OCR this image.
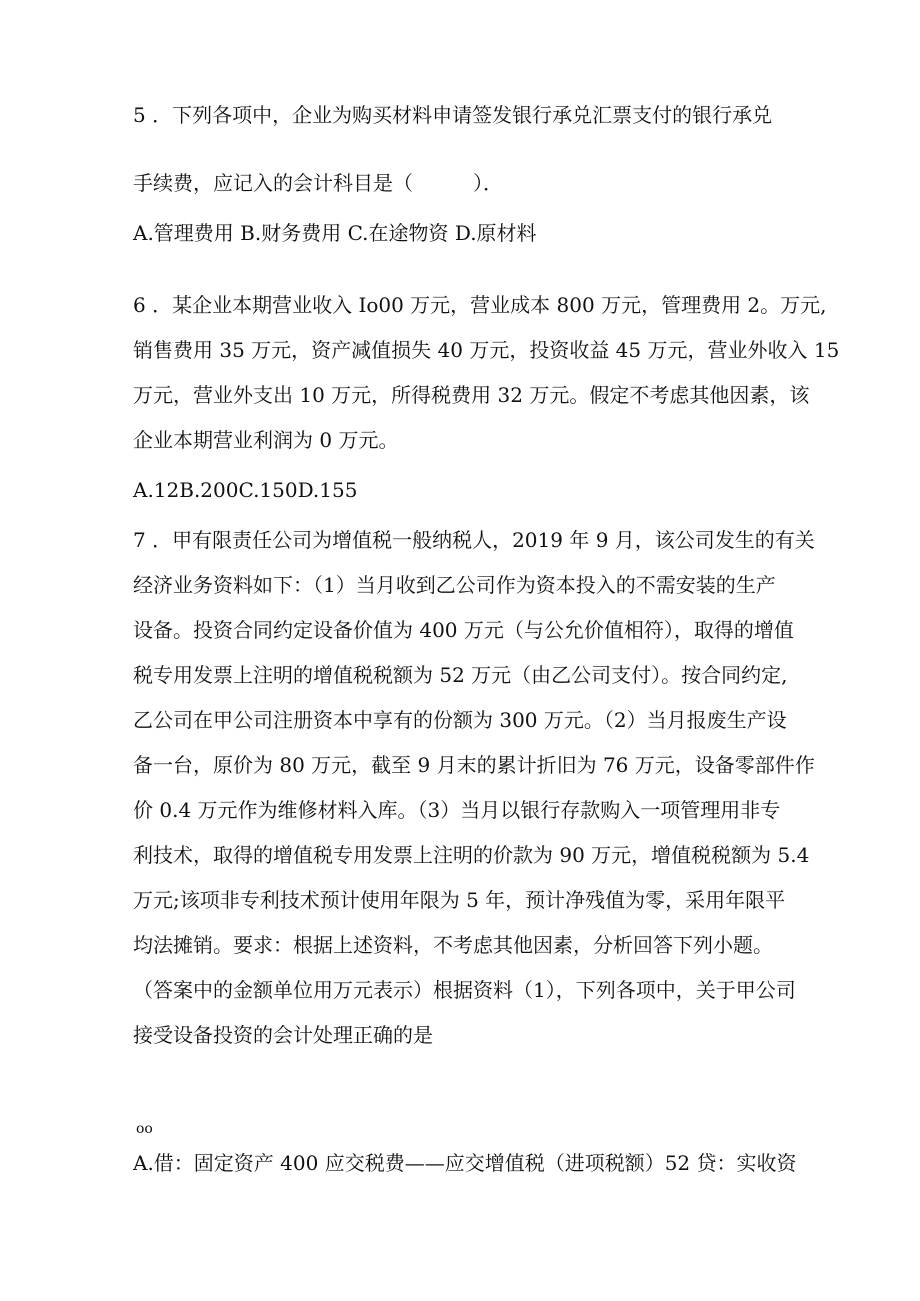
5 ．下列各项中，企业为购买材料申请签发银行承兑汇票支付的银行承兑
手续费，应记入的会计科目是（　　　）．
A.管理费用 B.财务费用 C.在途物资 D.原材料
6 ．某企业本期营业收入 Io00 万元，营业成本 800 万元，管理费用 2。万元,
销售费用 35 万元，资产减值损失 40 万元，投资收益 45 万元，营业外收入 15
万元，营业外支出 10 万元，所得税费用 32 万元。假定不考虑其他因素，该
企业本期营业利润为 0 万元。
A.12B.200C.150D.155
7 ．甲有限责任公司为增值税一般纳税人，2019 年 9 月，该公司发生的有关
经济业务资料如下：（1）当月收到乙公司作为资本投入的不需安装的生产
设备。投资合同约定设备价值为 400 万元（与公允价值相符），取得的增值
税专用发票上注明的增值税税额为 52 万元（由乙公司支付）。按合同约定,
乙公司在甲公司注册资本中享有的份额为 300 万元。（2）当月报废生产设
备一台，原价为 80 万元，截至 9 月末的累计折旧为 76 万元，设备零部件作
价 0.4 万元作为维修材料入库。（3）当月以银行存款购入一项管理用非专
利技术，取得的增值税专用发票上注明的价款为 90 万元，增值税税额为 5.4
万元;该项非专利技术预计使用年限为 5 年，预计净残值为零，采用年限平
均法摊销。要求：根据上述资料，不考虑其他因素，分析回答下列小题。
（答案中的金额单位用万元表示）根据资料（1），下列各项中，关于甲公司
接受设备投资的会计处理正确的是
oo
A.借：固定资产 400 应交税费——应交增值税（进项税额）52 贷：实收资
